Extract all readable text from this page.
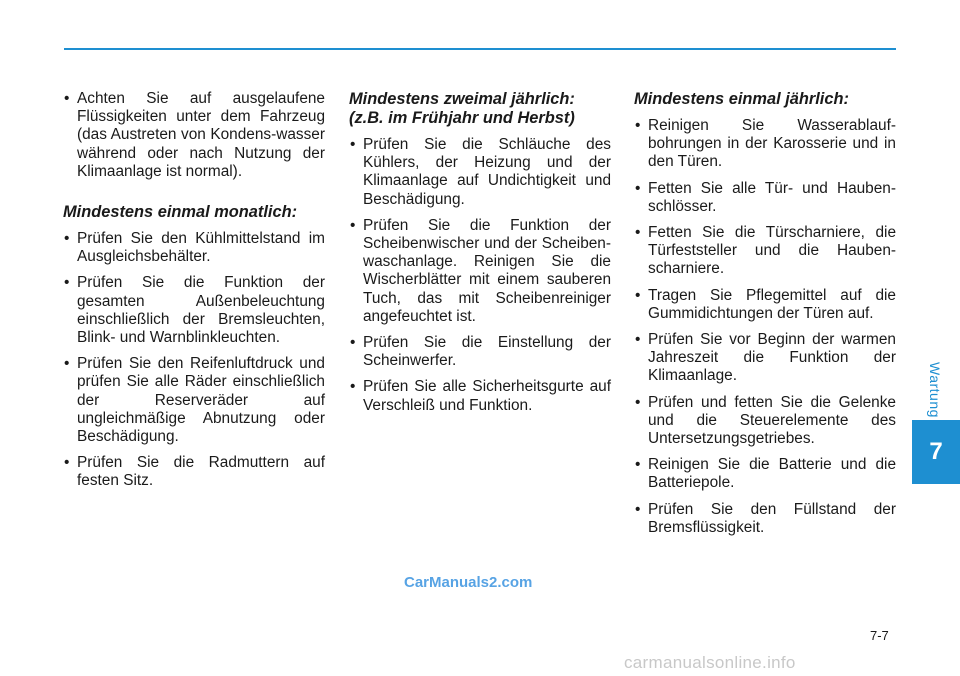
• Achten Sie auf ausgelaufene Flüssigkeiten unter dem Fahrzeug (das Austreten von Kondens-wasser während oder nach Nutzung der Klimaanlage ist normal).
Mindestens einmal monatlich:
• Prüfen Sie den Kühlmittelstand im Ausgleichsbehälter.
• Prüfen Sie die Funktion der gesamten Außenbeleuchtung einschließlich der Bremsleuchten, Blink- und Warnblinkleuchten.
• Prüfen Sie den Reifenluftdruck und prüfen Sie alle Räder einschließlich der Reserveräder auf ungleichmäßige Abnutzung oder Beschädigung.
• Prüfen Sie die Radmuttern auf festen Sitz.
Mindestens zweimal jährlich: (z.B. im Frühjahr und Herbst)
• Prüfen Sie die Schläuche des Kühlers, der Heizung und der Klimaanlage auf Undichtigkeit und Beschädigung.
• Prüfen Sie die Funktion der Scheibenwischer und der Scheiben-waschanlage. Reinigen Sie die Wischerblätter mit einem sauberen Tuch, das mit Scheibenreiniger angefeuchtet ist.
• Prüfen Sie die Einstellung der Scheinwerfer.
• Prüfen Sie alle Sicherheitsgurte auf Verschleiß und Funktion.
Mindestens einmal jährlich:
• Reinigen Sie Wasserablauf-bohrungen in der Karosserie und in den Türen.
• Fetten Sie alle Tür- und Hauben-schlösser.
• Fetten Sie die Türscharniere, die Türfeststeller und die Hauben-scharniere.
• Tragen Sie Pflegemittel auf die Gummidichtungen der Türen auf.
• Prüfen Sie vor Beginn der warmen Jahreszeit die Funktion der Klimaanlage.
• Prüfen und fetten Sie die Gelenke und die Steuerelemente des Untersetzungsgetriebes.
• Reinigen Sie die Batterie und die Batteriepole.
• Prüfen Sie den Füllstand der Bremsflüssigkeit.
Wartung
7
7-7
CarManuals2.com
carmanualsonline.info
